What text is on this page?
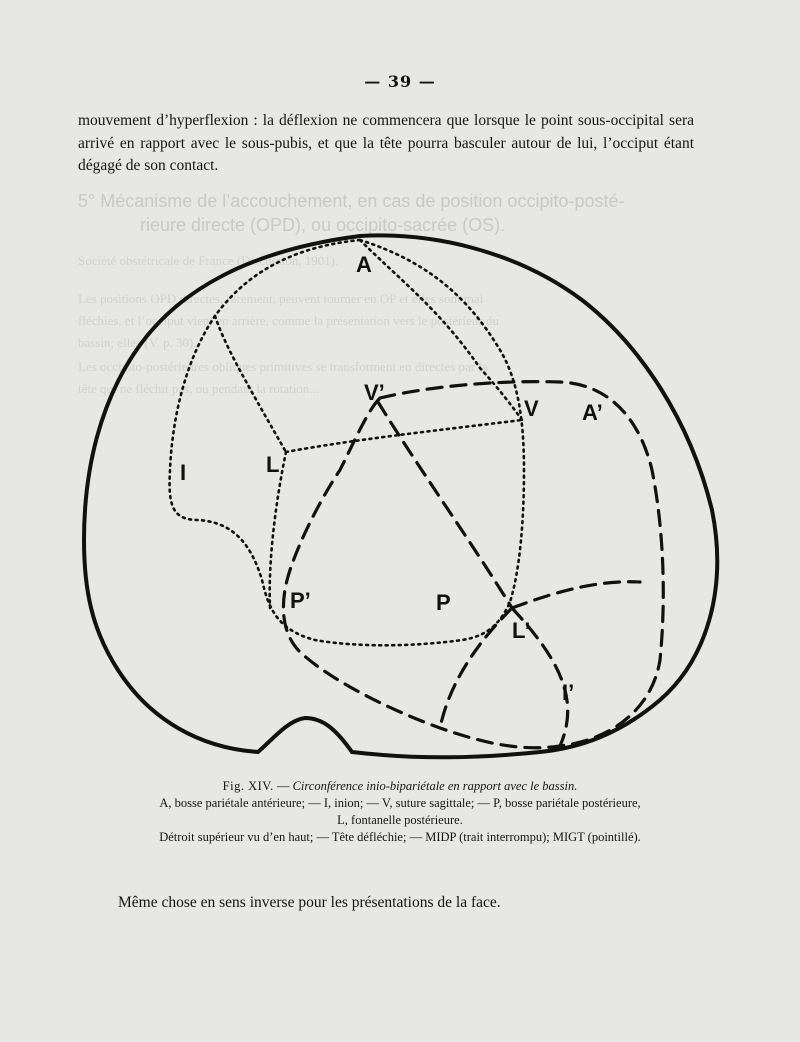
— 39 —
mouvement d’hyperflexion : la déflexion ne commencera que lorsque le point sous-occipital sera arrivé en rapport avec le sous-pubis, et que la tête pourra basculer autour de lui, l’occiput étant dégagé de son contact.
5° Mécanisme de l’accouchement, en cas de position occipito-posté-
rieure directe (OPD), ou occipito-sacrée (OS).
Société obstétricale de France (Discussion, 1901).
Les positions OPD directes, rarement, peuvent tourner en OP et elles sont mal
fléchies, et l’occiput vient en arrière, comme la présentation vers le postérieur du
bassin; elles (V. p. 30).
Les occipito-postérieures obliques primitives se transforment en directes par la
tête qui ne fléchit pas, ou pendant la rotation...
A
V’
V A’
L
I
P’	P
L’
I’
Fig. XIV. — Circonférence inio-bipariétale en rapport avec le bassin.
A, bosse pariétale antérieure; — I, inion; — V, suture sagittale; — P, bosse pariétale postérieure,
L, fontanelle postérieure.
Détroit supérieur vu d’en haut; — Tête défléchie; — MIDP (trait interrompu); MIGT (pointillé).
Même chose en sens inverse pour les présentations de la face.
